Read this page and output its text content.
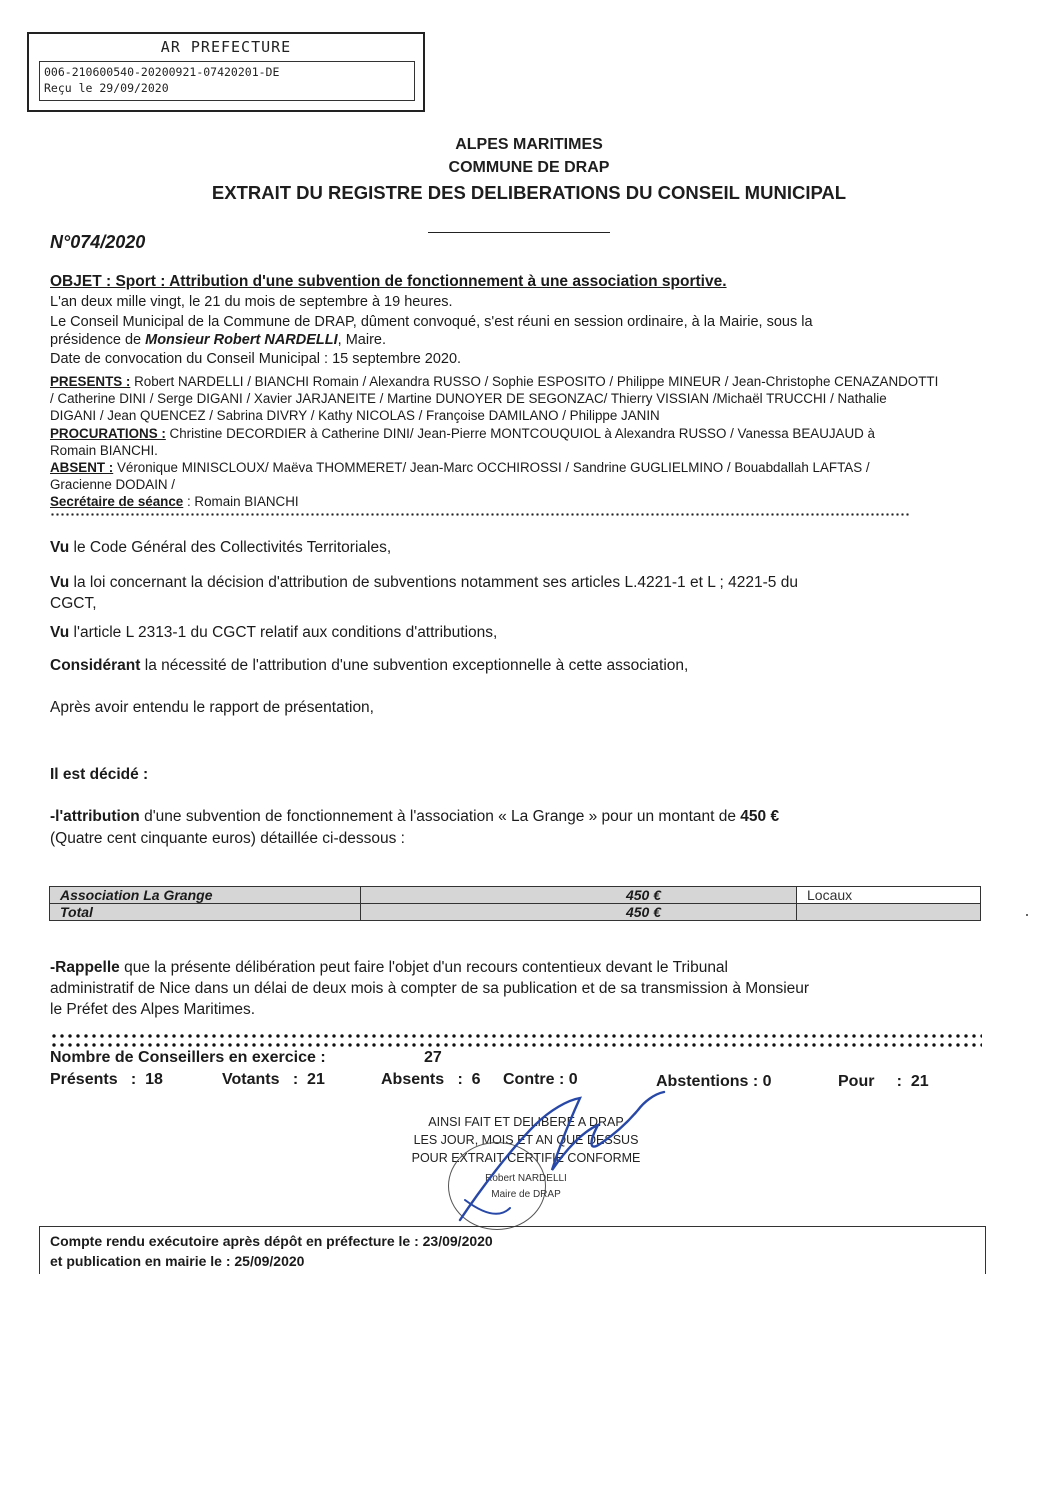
AR PREFECTURE
006-210600540-20200921-07420201-DE
Reçu le 29/09/2020
ALPES MARITIMES
COMMUNE DE DRAP
EXTRAIT DU REGISTRE DES DELIBERATIONS DU CONSEIL MUNICIPAL
N°074/2020
OBJET : Sport : Attribution d'une subvention de fonctionnement à une association sportive.
L'an deux mille vingt, le 21 du mois de septembre à 19 heures.
Le Conseil Municipal de la Commune de DRAP, dûment convoqué, s'est réuni en session ordinaire, à la Mairie, sous la
présidence de Monsieur Robert NARDELLI, Maire.
Date de convocation du Conseil Municipal : 15 septembre 2020.
PRESENTS : Robert NARDELLI / BIANCHI Romain / Alexandra RUSSO / Sophie ESPOSITO / Philippe MINEUR / Jean-Christophe CENAZANDOTTI
/ Catherine DINI / Serge DIGANI / Xavier JARJANEITE / Martine DUNOYER DE SEGONZAC/ Thierry VISSIAN /Michaël TRUCCHI / Nathalie
DIGANI / Jean QUENCEZ / Sabrina DIVRY / Kathy NICOLAS / Françoise DAMILANO / Philippe JANIN
PROCURATIONS : Christine DECORDIER à Catherine DINI/ Jean-Pierre MONTCOUQUIOL à Alexandra RUSSO / Vanessa BEAUJAUD à
Romain BIANCHI.
ABSENT : Véronique MINISCLOUX/ Maëva THOMMERET/ Jean-Marc OCCHIROSSI / Sandrine GUGLIELMINO / Bouabdallah LAFTAS /
Gracienne DODAIN /
Secrétaire de séance : Romain BIANCHI
Vu le Code Général des Collectivités Territoriales,
Vu la loi concernant la décision d'attribution de subventions notamment ses articles L.4221-1 et L ; 4221-5 du
CGCT,
Vu l'article L 2313-1 du CGCT relatif aux conditions d'attributions,
Considérant la nécessité de l'attribution d'une subvention exceptionnelle à cette association,
Après avoir entendu le rapport de présentation,
Il est décidé :
-l'attribution d'une subvention de fonctionnement à l'association « La Grange » pour un montant de 450 €
(Quatre cent cinquante euros) détaillée ci-dessous :
Association La Grange	450 €	Locaux
Total	450 €	
-Rappelle que la présente délibération peut faire l'objet d'un recours contentieux devant le Tribunal
administratif de Nice dans un délai de deux mois à compter de sa publication et de sa transmission à Monsieur
le Préfet des Alpes Maritimes.
Nombre de Conseillers en exercice :	27
Présents   :  18	Votants   :  21	Absents   :  6 Contre : 0	Abstentions : 0	Pour     :  21
AINSI FAIT ET DELIBERE A DRAP
LES JOUR, MOIS ET AN QUE DESSUS
POUR EXTRAIT CERTIFIE CONFORME
Robert NARDELLI
Maire de DRAP
Compte rendu exécutoire après dépôt en préfecture le : 23/09/2020
et publication en mairie le : 25/09/2020
